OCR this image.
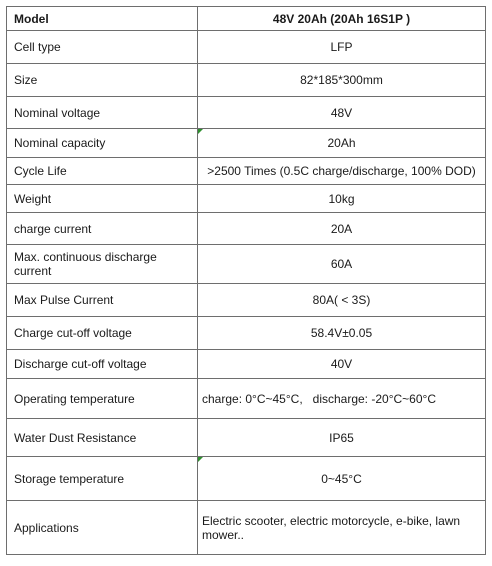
Model	48V 20Ah (20Ah 16S1P )
Cell type	LFP
Size	82*185*300mm
Nominal voltage	48V
Nominal capacity	20Ah
Cycle Life	>2500 Times (0.5C charge/discharge, 100% DOD)
Weight	10kg
charge current	20A
Max. continuous discharge current	60A
Max Pulse Current	80A( < 3S)
Charge cut-off voltage	58.4V±0.05
Discharge cut-off voltage	40V
Operating temperature	charge: 0°C~45°C,   discharge: -20°C~60°C
Water Dust Resistance	IP65
Storage temperature	0~45°C
Applications	Electric scooter, electric motorcycle, e-bike, lawn mower..
